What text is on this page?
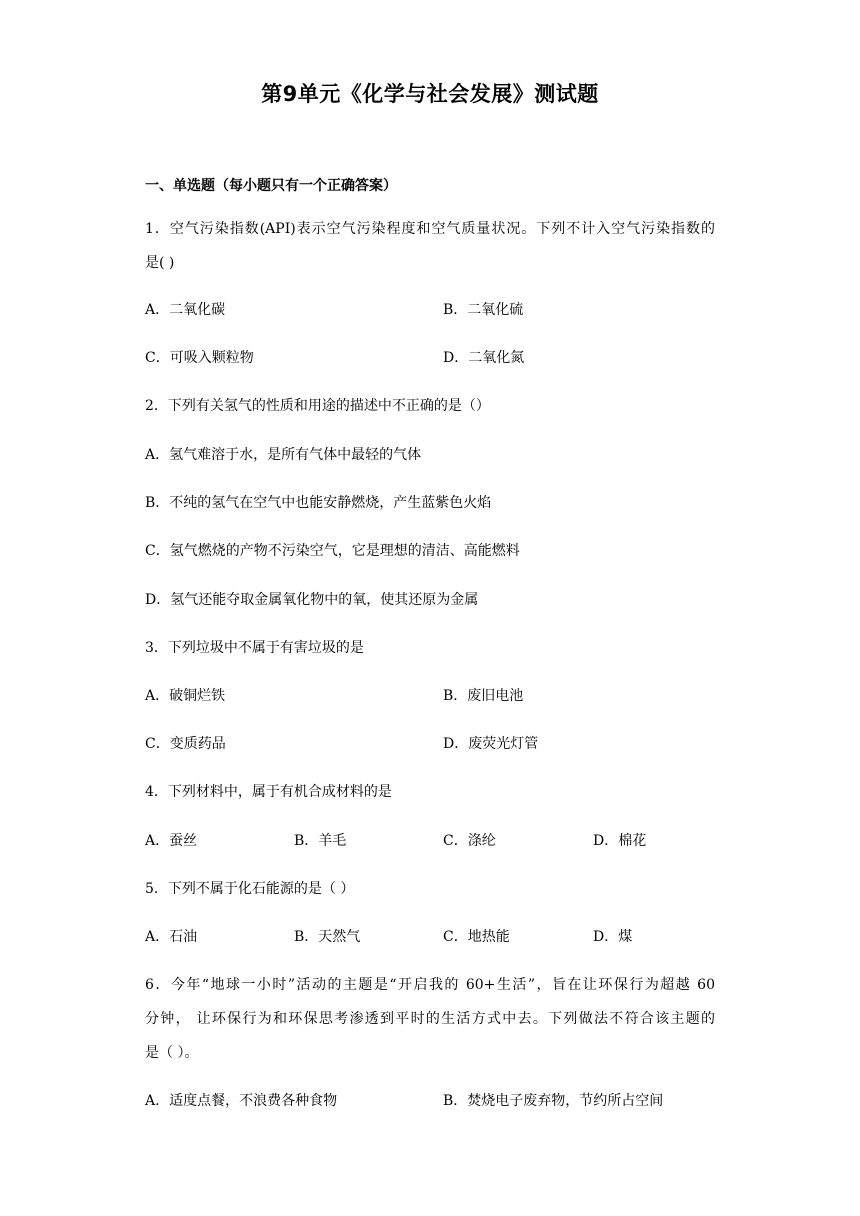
第9单元《化学与社会发展》测试题
一、单选题（每小题只有一个正确答案）
1．空气污染指数(API)表示空气污染程度和空气质量状况。下列不计入空气污染指数的
是( )
A．二氧化碳	B．二氧化硫
C．可吸入颗粒物	D．二氧化氮
2．下列有关氢气的性质和用途的描述中不正确的是（）
A．氢气难溶于水，是所有气体中最轻的气体
B．不纯的氢气在空气中也能安静燃烧，产生蓝紫色火焰
C．氢气燃烧的产物不污染空气，它是理想的清洁、高能燃料
D．氢气还能夺取金属氧化物中的氧，使其还原为金属
3．下列垃圾中不属于有害垃圾的是
A．破铜烂铁	B．废旧电池
C．变质药品	D．废荧光灯管
4．下列材料中，属于有机合成材料的是
A．蚕丝	B．羊毛	C．涤纶	D．棉花
5．下列不属于化石能源的是（ ）
A．石油	B．天然气	C．地热能	D．煤
6．今年“地球一小时”活动的主题是“开启我的 60+生活”，旨在让环保行为超越 60
分钟， 让环保行为和环保思考渗透到平时的生活方式中去。下列做法不符合该主题的
是（ ）。
A．适度点餐，不浪费各种食物	B．焚烧电子废弃物，节约所占空间
